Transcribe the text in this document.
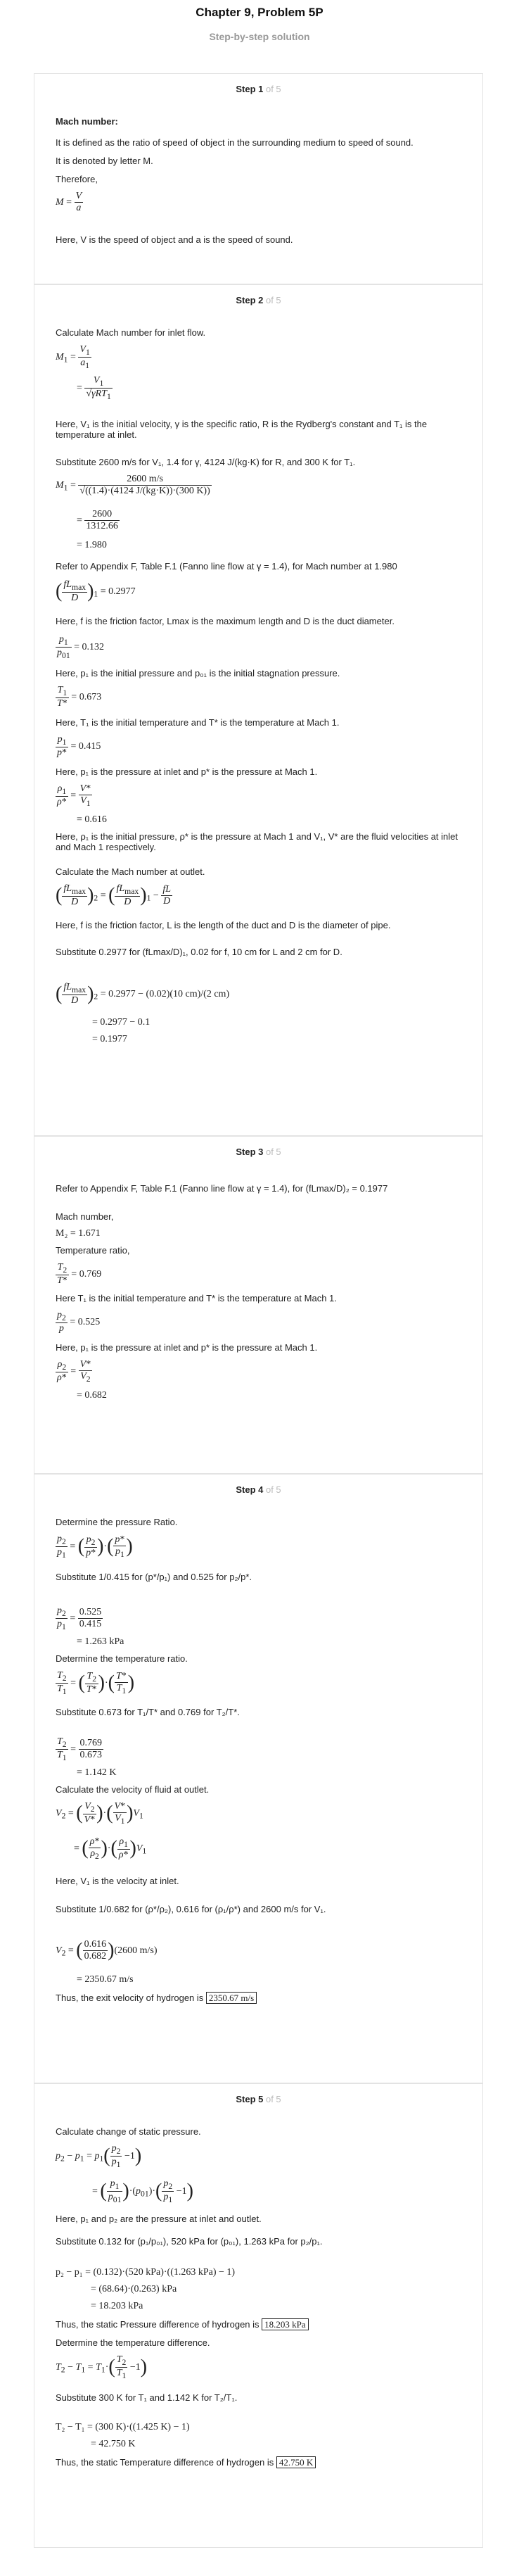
Chapter 9, Problem 5P
Step-by-step solution
Step 1 of 5
Mach number:
It is defined as the ratio of speed of object in the surrounding medium to speed of sound.
It is denoted by letter M.
Therefore,
$M = \frac{V}{a}$
Here, V is the speed of object and a is the speed of sound.
Step 2 of 5
Calculate Mach number for inlet flow.
$M_1 = \frac{V_1}{a_1}$
= $\frac{V_1}{√\gamma RT_1}$
Here, V₁ is the initial velocity, γ is the specific ratio, R is the Rydberg's constant and T₁ is the temperature at inlet.
Substitute 2600 m/s for V₁, 1.4 for γ, 4124 J/(kg·K) for R, and 300 K for T₁.
$M_1 = \frac{2600 m/s}{√((1.4)\cdot(4124 J/(kg\cdot K))\cdot(300 K))}$
= $\frac{2600}{1312.66}$
= 1.980
Refer to Appendix F, Table F.1 (Fanno line flow at γ = 1.4), for Mach number at 1.980
( $\frac{fL_{max}}{D} )_1 = 0.2977$
Here, f is the friction factor, Lmax is the maximum length and D is the duct diameter.
$\frac{p_1}{p_{01}} = 0.132$
Here, p₁ is the initial pressure and p₀₁ is the initial stagnation pressure.
$\frac{T_1}{T*} = 0.673$
Here, T₁ is the initial temperature and T* is the temperature at Mach 1.
$\frac{p_1}{p*} = 0.415$
Here, p₁ is the pressure at inlet and p* is the pressure at Mach 1.
$\frac{\rho_1}{\rho*} = \frac{V*}{V_1}$
= 0.616
Here, ρ₁ is the initial pressure, ρ* is the pressure at Mach 1 and V₁, V* are the fluid velocities at inlet and Mach 1 respectively.
Calculate the Mach number at outlet.
( $\frac{fL_{max}}{D} )_2$ = ( $\frac{fL_{max}}{D} )_1 - \frac{fL}{D}$
Here, f is the friction factor, L is the length of the duct and D is the diameter of pipe.
Substitute 0.2977 for (fLmax/D)₁, 0.02 for f, 10 cm for L and 2 cm for D.
( $\frac{fL_{max}}{D} )_2 = 0.2977 - (0.02)(10$ cm)/(2 cm)
= 0.2977 − 0.1
= 0.1977
Step 3 of 5
Refer to Appendix F, Table F.1 (Fanno line flow at γ = 1.4), for (fLmax/D)₂ = 0.1977
Mach number,
M₂ = 1.671
Temperature ratio,
$\frac{T_2}{T*} = 0.769$
Here T₁ is the initial temperature and T* is the temperature at Mach 1.
$\frac{p_2}{p} = 0.525$
Here, p₁ is the pressure at inlet and p* is the pressure at Mach 1.
$\frac{\rho_2}{\rho*} = \frac{V*}{V_2}$
= 0.682
Step 4 of 5
Determine the pressure Ratio.
$\frac{p_2}{p_1}$ = ( $\frac{p_2}{p*}$ )·( $\frac{p*}{p_1}$ )
Substitute 1/0.415 for (p*/p₁) and 0.525 for p₂/p*.
$\frac{p_2}{p_1} = \frac{0.525}{0.415}$
= 1.263 kPa
Determine the temperature ratio.
$\frac{T_2}{T_1}$ = ( $\frac{T_2}{T*}$ )·( $\frac{T*}{T_1}$ )
Substitute 0.673 for T₁/T* and 0.769 for T₂/T*.
$\frac{T_2}{T_1} = \frac{0.769}{0.673}$
= 1.142 K
Calculate the velocity of fluid at outlet.
$V_2$ = ( $\frac{V_2}{V*}$ )·( $\frac{V*}{V_1} )V_1$
= ( $\frac{\rho*}{\rho_2}$ )·( $\frac{\rho_1}{\rho*} )V_1$
Here, V₁ is the velocity at inlet.
Substitute 1/0.682 for (ρ*/ρ₂), 0.616 for (ρ₁/ρ*) and 2600 m/s for V₁.
$V_2$ = ( $\frac{0.616}{0.682} )(2600$ m/s)
= 2350.67 m/s
Thus, the exit velocity of hydrogen is 2350.67 m/s
Step 5 of 5
Calculate change of static pressure.
$p_2 - p_1 = p_1( \frac{p_2}{p_1} -1)$
= ( $\frac{p_1}{p_{01}} )\cdot(p_{01})\cdot( \frac{p_2}{p_1} -1)$
Here, p₁ and p₂ are the pressure at inlet and outlet.
Substitute 0.132 for (p₁/p₀₁), 520 kPa for (p₀₁), 1.263 kPa for p₂/p₁.
p₂ − p₁ = (0.132)·(520 kPa)·((1.263 kPa) − 1)
= (68.64)·(0.263) kPa
= 18.203 kPa
Thus, the static Pressure difference of hydrogen is 18.203 kPa
Determine the temperature difference.
$T_2 - T_1 = T_1\cdot( \frac{T_2}{T_1} -1)$
Substitute 300 K for T₁ and 1.142 K for T₂/T₁.
T₂ − T₁ = (300 K)·((1.425 K) − 1)
= 42.750 K
Thus, the static Temperature difference of hydrogen is 42.750 K
